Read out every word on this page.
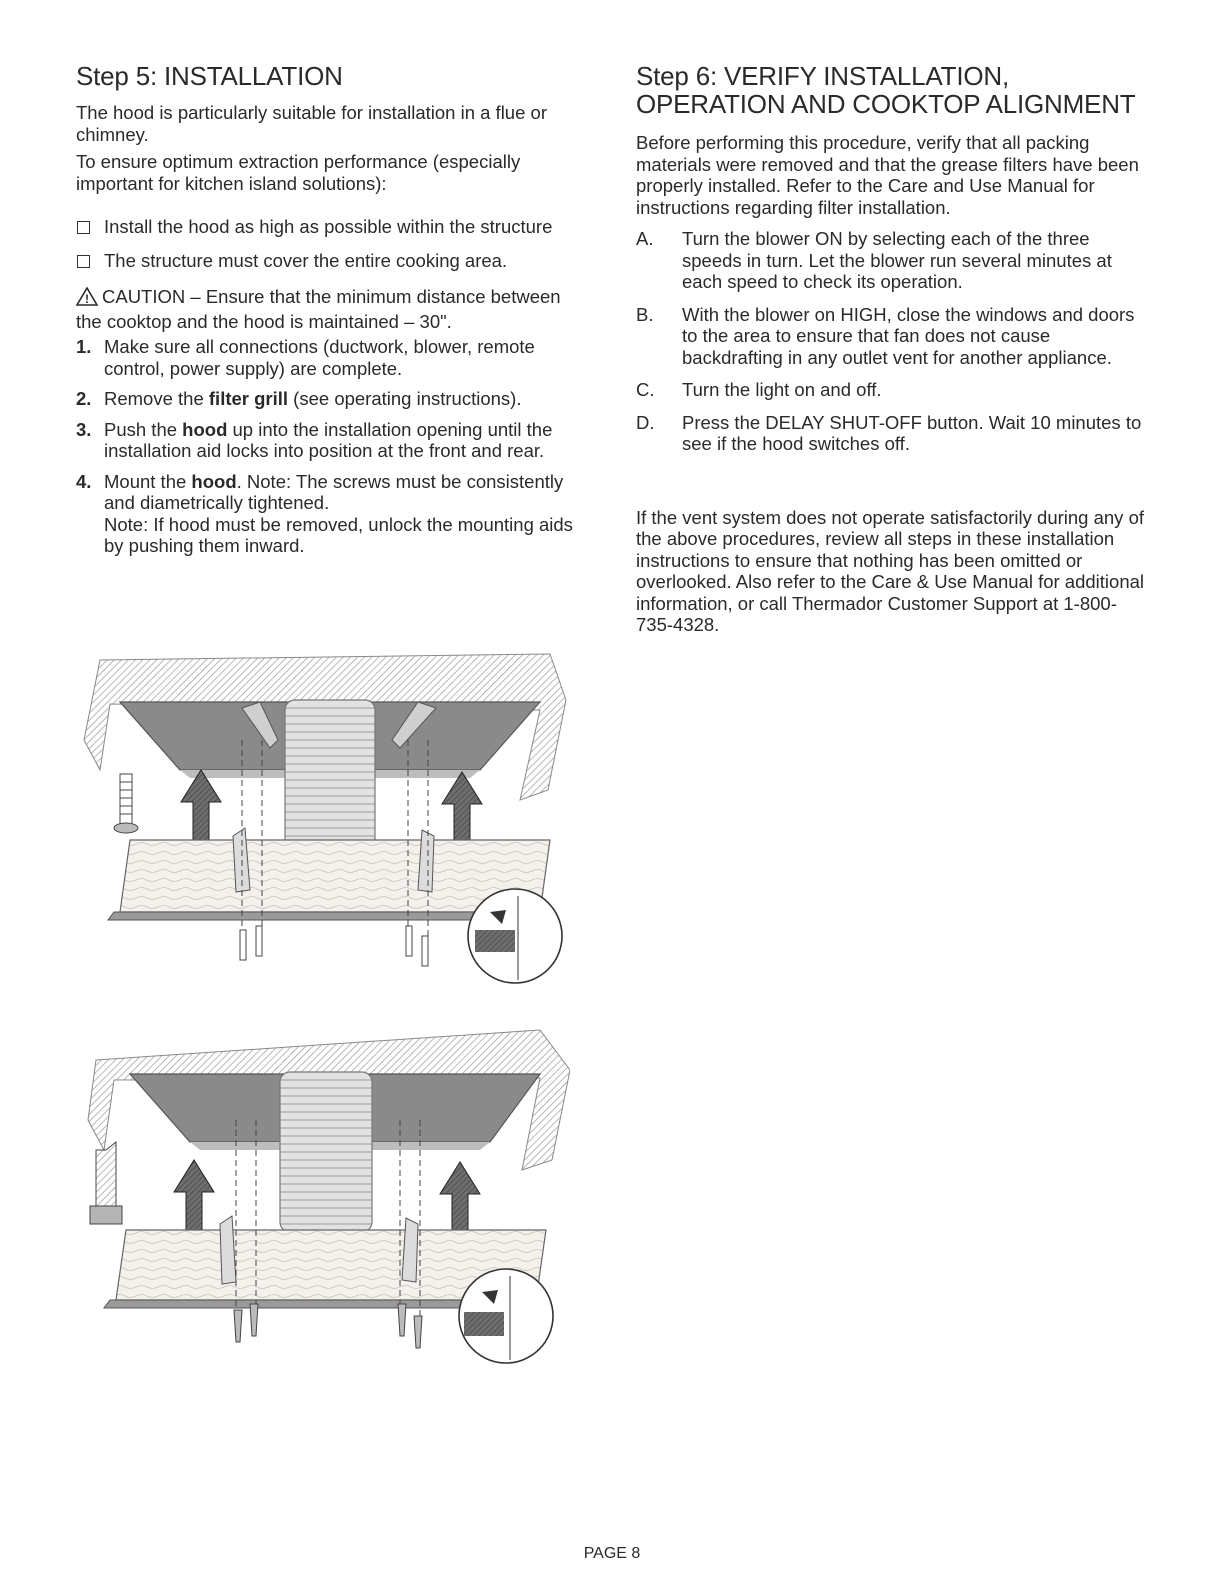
Step 5: INSTALLATION

The hood is particularly suitable for installation in a flue or chimney.

To ensure optimum extraction performance (especially important for kitchen island solutions):

Install the hood as high as possible within the structure
The structure must cover the entire cooking area.
! CAUTION – Ensure that the minimum distance between the cooktop and the hood is maintained – 30".
1. Make sure all connections (ductwork, blower, remote control, power supply) are complete.
2. Remove the filter grill (see operating instructions).
3. Push the hood up into the installation opening until the installation aid locks into position at the front and rear.
4. Mount the hood. Note: The screws must be consistently and diametrically tightened.
Note: If hood must be removed, unlock the mounting aids by pushing them inward.
Step 6: VERIFY INSTALLATION,
OPERATION AND COOKTOP ALIGNMENT

Before performing this procedure, verify that all packing materials were removed and that the grease filters have been properly installed. Refer to the Care and Use Manual for instructions regarding filter installation.

A.	Turn the blower ON by selecting each of the three speeds in turn. Let the blower run several minutes at each speed to check its operation.
B.	With the blower on HIGH, close the windows and doors to the area to ensure that fan does not cause backdrafting in any outlet vent for another appliance.
C.	Turn the light on and off.
D.	Press the DELAY SHUT-OFF button. Wait 10 minutes to see if the hood switches off.

If the vent system does not operate satisfactorily during any of the above procedures, review all steps in these installation instructions to ensure that nothing has been omitted or overlooked. Also refer to the Care & Use Manual for additional information, or call Thermador Customer Support at 1-800-735-4328.

PAGE 8
